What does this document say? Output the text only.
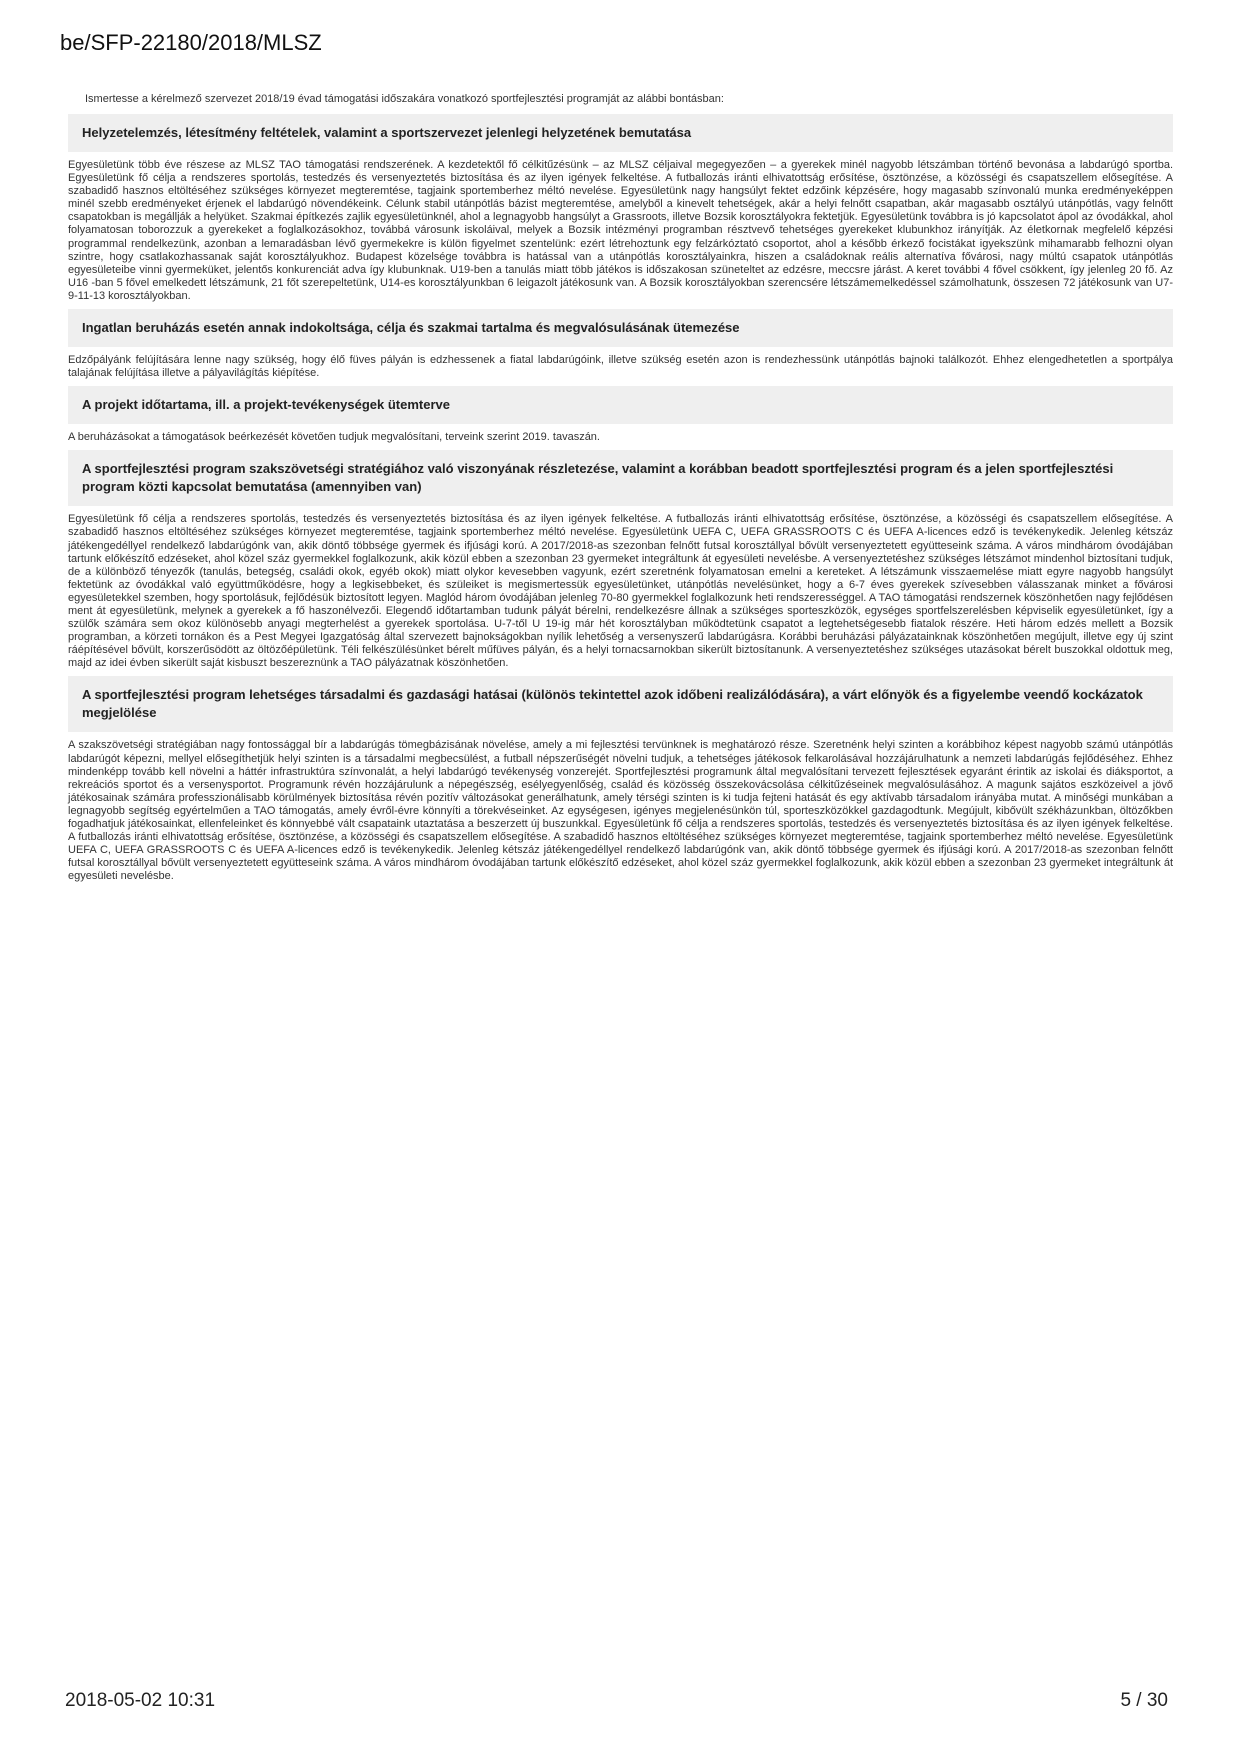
be/SFP-22180/2018/MLSZ
Ismertesse a kérelmező szervezet 2018/19 évad támogatási időszakára vonatkozó sportfejlesztési programját az alábbi bontásban:
Helyzetelemzés, létesítmény feltételek, valamint a sportszervezet jelenlegi helyzetének bemutatása
Egyesületünk több éve részese az MLSZ TAO támogatási rendszerének. A kezdetektől fő célkitűzésünk – az MLSZ céljaival megegyezően – a gyerekek minél nagyobb létszámban történő bevonása a labdarúgó sportba. Egyesületünk fő célja a rendszeres sportolás, testedzés és versenyeztetés biztosítása és az ilyen igények felkeltése. A futballozás iránti elhivatottság erősítése, ösztönzése, a közösségi és csapatszellem elősegítése. A szabadidő hasznos eltöltéséhez szükséges környezet megteremtése, tagjaink sportemberhez méltó nevelése. Egyesületünk nagy hangsúlyt fektet edzőink képzésére, hogy magasabb színvonalú munka eredményeképpen minél szebb eredményeket érjenek el labdarúgó növendékeink. Célunk stabil utánpótlás bázist megteremtése, amelyből a kinevelt tehetségek, akár a helyi felnőtt csapatban, akár magasabb osztályú utánpótlás, vagy felnőtt csapatokban is megállják a helyüket. Szakmai építkezés zajlik egyesületünknél, ahol a legnagyobb hangsúlyt a Grassroots, illetve Bozsik korosztályokra fektetjük. Egyesületünk továbbra is jó kapcsolatot ápol az óvodákkal, ahol folyamatosan toborozzuk a gyerekeket a foglalkozásokhoz, továbbá városunk iskoláival, melyek a Bozsik intézményi programban résztvevő tehetséges gyerekeket klubunkhoz irányítják. Az életkornak megfelelő képzési programmal rendelkezünk, azonban a lemaradásban lévő gyermekekre is külön figyelmet szentelünk: ezért létrehoztunk egy felzárkóztató csoportot, ahol a később érkező focistákat igyekszünk mihamarabb felhozni olyan szintre, hogy csatlakozhassanak saját korosztályukhoz. Budapest közelsége továbbra is hatással van a utánpótlás korosztályainkra, hiszen a családoknak reális alternatíva fővárosi, nagy múltú csapatok utánpótlás egyesületeibe vinni gyermeküket, jelentős konkurenciát adva így klubunknak. U19-ben a tanulás miatt több játékos is időszakosan szüneteltet az edzésre, meccsre járást. A keret további 4 fővel csökkent, így jelenleg 20 fő. Az U16 -ban 5 fővel emelkedett létszámunk, 21 főt szerepeltetünk, U14-es korosztályunkban 6 leigazolt játékosunk van. A Bozsik korosztályokban szerencsére létszámemelkedéssel számolhatunk, összesen 72 játékosunk van U7-9-11-13 korosztályokban.
Ingatlan beruházás esetén annak indokoltsága, célja és szakmai tartalma és megvalósulásának ütemezése
Edzőpályánk felújítására lenne nagy szükség, hogy élő füves pályán is edzhessenek a fiatal labdarúgóink, illetve szükség esetén azon is rendezhessünk utánpótlás bajnoki találkozót. Ehhez elengedhetetlen a sportpálya talajának felújítása illetve a pályavilágítás kiépítése.
A projekt időtartama, ill. a projekt-tevékenységek ütemterve
A beruházásokat a támogatások beérkezését követően tudjuk megvalósítani, terveink szerint 2019. tavaszán.
A sportfejlesztési program szakszövetségi stratégiához való viszonyának részletezése, valamint a korábban beadott sportfejlesztési program és a jelen sportfejlesztési program közti kapcsolat bemutatása (amennyiben van)
Egyesületünk fő célja a rendszeres sportolás, testedzés és versenyeztetés biztosítása és az ilyen igények felkeltése. A futballozás iránti elhivatottság erősítése, ösztönzése, a közösségi és csapatszellem elősegítése. A szabadidő hasznos eltöltéséhez szükséges környezet megteremtése, tagjaink sportemberhez méltó nevelése. Egyesületünk UEFA C, UEFA GRASSROOTS C és UEFA A-licences edző is tevékenykedik. Jelenleg kétszáz játékengedéllyel rendelkező labdarúgónk van, akik döntő többsége gyermek és ifjúsági korú. A 2017/2018-as szezonban felnőtt futsal korosztállyal bővült versenyeztetett együtteseink száma. A város mindhárom óvodájában tartunk előkészítő edzéseket, ahol közel száz gyermekkel foglalkozunk, akik közül ebben a szezonban 23 gyermeket integráltunk át egyesületi nevelésbe. A versenyeztetéshez szükséges létszámot mindenhol biztosítani tudjuk, de a különböző tényezők (tanulás, betegség, családi okok, egyéb okok) miatt olykor kevesebben vagyunk, ezért szeretnénk folyamatosan emelni a kereteket. A létszámunk visszaemelése miatt egyre nagyobb hangsúlyt fektetünk az óvodákkal való együttműködésre, hogy a legkisebbeket, és szüleiket is megismertessük egyesületünket, utánpótlás nevelésünket, hogy a 6-7 éves gyerekek szívesebben válasszanak minket a fővárosi egyesületekkel szemben, hogy sportolásuk, fejlődésük biztosított legyen. Maglód három óvodájában jelenleg 70-80 gyermekkel foglalkozunk heti rendszerességgel. A TAO támogatási rendszernek köszönhetően nagy fejlődésen ment át egyesületünk, melynek a gyerekek a fő haszonélvezői. Elegendő időtartamban tudunk pályát bérelni, rendelkezésre állnak a szükséges sporteszközök, egységes sportfelszerelésben képviselik egyesületünket, így a szülők számára sem okoz különösebb anyagi megterhelést a gyerekek sportolása. U-7-től U 19-ig már hét korosztályban működtetünk csapatot a legtehetségesebb fiatalok részére. Heti három edzés mellett a Bozsik programban, a körzeti tornákon és a Pest Megyei Igazgatóság által szervezett bajnokságokban nyílik lehetőség a versenyszerű labdarúgásra. Korábbi beruházási pályázatainknak köszönhetően megújult, illetve egy új szint ráépítésével bővült, korszerűsödött az öltözőépületünk. Téli felkészülésünket bérelt műfüves pályán, és a helyi tornacsarnokban sikerült biztosítanunk. A versenyeztetéshez szükséges utazásokat bérelt buszokkal oldottuk meg, majd az idei évben sikerült saját kisbuszt beszereznünk a TAO pályázatnak köszönhetően.
A sportfejlesztési program lehetséges társadalmi és gazdasági hatásai (különös tekintettel azok időbeni realizálódására), a várt előnyök és a figyelembe veendő kockázatok megjelölése
A szakszövetségi stratégiában nagy fontossággal bír a labdarúgás tömegbázisának növelése, amely a mi fejlesztési tervünknek is meghatározó része. Szeretnénk helyi szinten a korábbihoz képest nagyobb számú utánpótlás labdarúgót képezni, mellyel elősegíthetjük helyi szinten is a társadalmi megbecsülést, a futball népszerűségét növelni tudjuk, a tehetséges játékosok felkarolásával hozzájárulhatunk a nemzeti labdarúgás fejlődéséhez. Ehhez mindenképp tovább kell növelni a háttér infrastruktúra színvonalát, a helyi labdarúgó tevékenység vonzerejét. Sportfejlesztési programunk által megvalósítani tervezett fejlesztések egyaránt érintik az iskolai és diáksportot, a rekreációs sportot és a versenysportot. Programunk révén hozzájárulunk a népegészség, esélyegyenlőség, család és közösség összekovácsolása célkitűzéseinek megvalósulásához. A magunk sajátos eszközeivel a jövő játékosainak számára professzionálisabb körülmények biztosítása révén pozitív változásokat generálhatunk, amely térségi szinten is ki tudja fejteni hatását és egy aktívabb társadalom irányába mutat. A minőségi munkában a legnagyobb segítség egyértelműen a TAO támogatás, amely évről-évre könnyíti a törekvéseinket. Az egységesen, igényes megjelenésünkön túl, sporteszközökkel gazdagodtunk. Megújult, kibővült székházunkban, öltözőkben fogadhatjuk játékosainkat, ellenfeleinket és könnyebbé vált csapataink utaztatása a beszerzett új buszunkkal. Egyesületünk fő célja a rendszeres sportolás, testedzés és versenyeztetés biztosítása és az ilyen igények felkeltése. A futballozás iránti elhivatottság erősítése, ösztönzése, a közösségi és csapatszellem elősegítése. A szabadidő hasznos eltöltéséhez szükséges környezet megteremtése, tagjaink sportemberhez méltó nevelése. Egyesületünk UEFA C, UEFA GRASSROOTS C és UEFA A-licences edző is tevékenykedik. Jelenleg kétszáz játékengedéllyel rendelkező labdarúgónk van, akik döntő többsége gyermek és ifjúsági korú. A 2017/2018-as szezonban felnőtt futsal korosztállyal bővült versenyeztetett együtteseink száma. A város mindhárom óvodájában tartunk előkészítő edzéseket, ahol közel száz gyermekkel foglalkozunk, akik közül ebben a szezonban 23 gyermeket integráltunk át egyesületi nevelésbe.
2018-05-02 10:31	5 / 30
